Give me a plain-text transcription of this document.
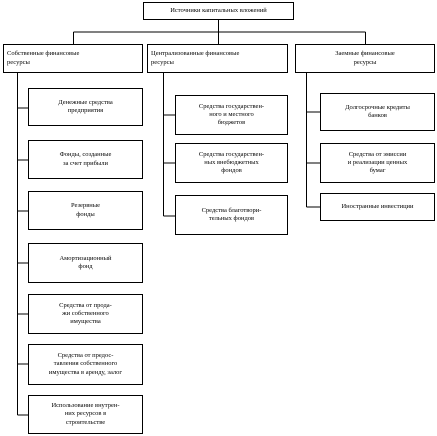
Источники капитальных вложений
Собственные финансовые
ресурсы
Централизованные финансовые
ресурсы
Заемные финансовые
ресурсы
Денежные средства
предприятия
Фонды, созданные
за счет прибыли
Резервные
фонды
Амортизационный
фонд
Средства от прода-
жи собственного
имущества
Средства от предос-
тавления собственного
имущества в аренду, залог
Использование внутрен-
них ресурсов в
строительстве
Средства государствен-
ного и местного
бюджетов
Средства государствен-
ных внебюджетных
фондов
Средства благотвори-
тельных фондов
Долгосрочные кредиты
банков
Средства от эмиссии
и реализации ценных
бумаг
Иностранные инвестиции
